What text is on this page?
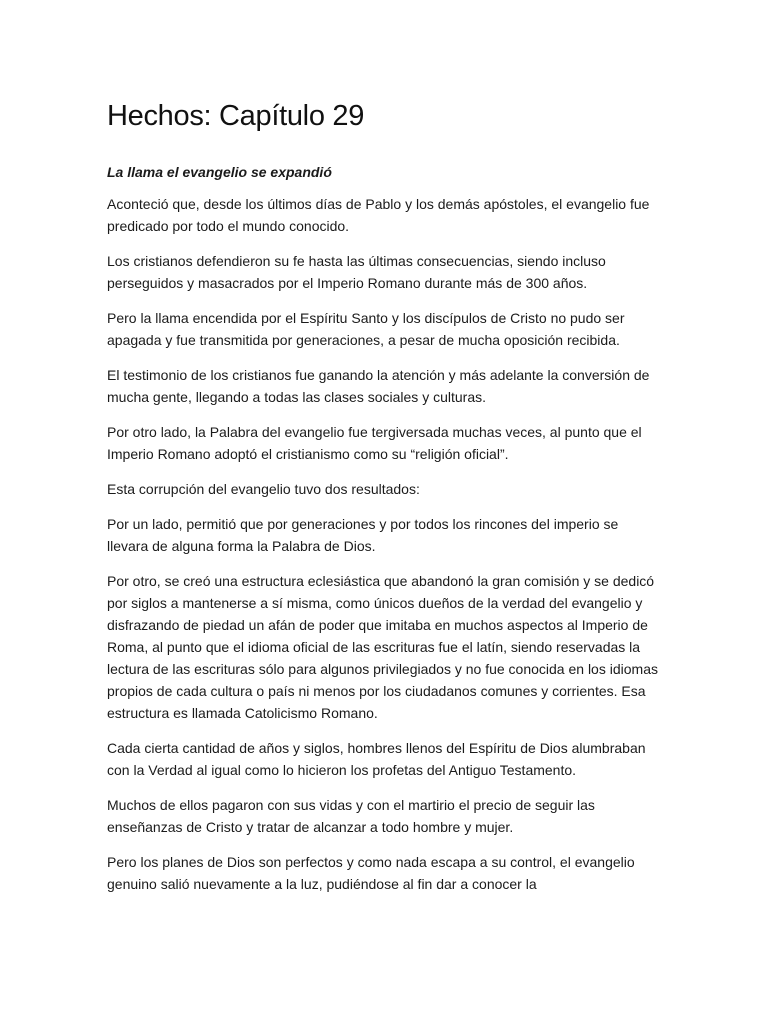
Hechos: Capítulo 29

La llama el evangelio se expandió

Aconteció que, desde los últimos días de Pablo y los demás apóstoles, el evangelio fue predicado por todo el mundo conocido.

Los cristianos defendieron su fe hasta las últimas consecuencias, siendo incluso perseguidos y masacrados por el Imperio Romano durante más de 300 años.

Pero la llama encendida por el Espíritu Santo y los discípulos de Cristo no pudo ser apagada y fue transmitida por generaciones, a pesar de mucha oposición recibida.

El testimonio de los cristianos fue ganando la atención y más adelante la conversión de mucha gente, llegando a todas las clases sociales y culturas.

Por otro lado, la Palabra del evangelio fue tergiversada muchas veces, al punto que el Imperio Romano adoptó el cristianismo como su “religión oficial”.

Esta corrupción del evangelio tuvo dos resultados:

Por un lado, permitió que por generaciones y por todos los rincones del imperio se llevara de alguna forma la Palabra de Dios.

Por otro, se creó una estructura eclesiástica que abandonó la gran comisión y se dedicó por siglos a mantenerse a sí misma, como únicos dueños de la verdad del evangelio y disfrazando de piedad un afán de poder que imitaba en muchos aspectos al Imperio de Roma, al punto que el idioma oficial de las escrituras fue el latín, siendo reservadas la lectura de las escrituras sólo para algunos privilegiados y no fue conocida en los idiomas propios de cada cultura o país ni menos por los ciudadanos comunes y corrientes. Esa estructura es llamada Catolicismo Romano.

Cada cierta cantidad de años y siglos, hombres llenos del Espíritu de Dios alumbraban con la Verdad al igual como lo hicieron los profetas del Antiguo Testamento.

Muchos de ellos pagaron con sus vidas y con el martirio el precio de seguir las enseñanzas de Cristo y tratar de alcanzar a todo hombre y mujer.

Pero los planes de Dios son perfectos y como nada escapa a su control, el evangelio genuino salió nuevamente a la luz, pudiéndose al fin dar a conocer la
